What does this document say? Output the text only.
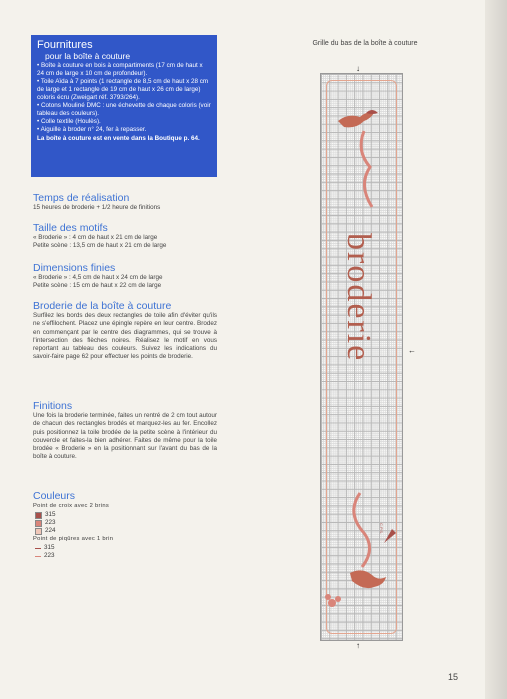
Fournitures
pour la boîte à couture

• Boîte à couture en bois à compartiments (17 cm de haut x 24 cm de large x 10 cm de profondeur).

• Toile Aïda à 7 points (1 rectangle de 8,5 cm de haut x 28 cm de large et 1 rectangle de 19 cm de haut x 26 cm de large) coloris écru (Zweigart réf. 3793/264).

• Cotons Mouliné DMC : une échevette de chaque coloris (voir tableau des couleurs).

• Colle textile (Houlès).

• Aiguille à broder n° 24, fer à repasser.

La boîte à couture est en vente dans la Boutique p. 64.

Temps de réalisation

15 heures de broderie + 1/2 heure de finitions

Taille des motifs

« Broderie » : 4 cm de haut x 21 cm de large

Petite scène : 13,5 cm de haut x 21 cm de large

Dimensions finies

« Broderie » : 4,5 cm de haut x 24 cm de large

Petite scène : 15 cm de haut x 22 cm de large

Broderie de la boîte à couture

Surfilez les bords des deux rectangles de toile afin d'éviter qu'ils ne s'effilochent. Placez une épingle repère en leur centre. Brodez en commençant par le centre des diagrammes, qui se trouve à l'intersection des flèches noires. Réalisez le motif en vous reportant au tableau des couleurs. Suivez les indications du savoir-faire page 62 pour effectuer les points de broderie.

Finitions

Une fois la broderie terminée, faites un rentré de 2 cm tout autour de chacun des rectangles brodés et marquez-les au fer. Encollez puis positionnez la toile brodée de la petite scène à l'intérieur du couvercle et faites-la bien adhérer. Faites de même pour la toile brodée « Broderie » en la positionnant sur l'avant du bas de la boîte à couture.

Couleurs
Point de croix avec 2 brins
315
223
224
Point de piqûres avec 1 brin
315
223
Grille du bas de la boîte à couture
↓
↑
←
broderie
C.P.S.
15
